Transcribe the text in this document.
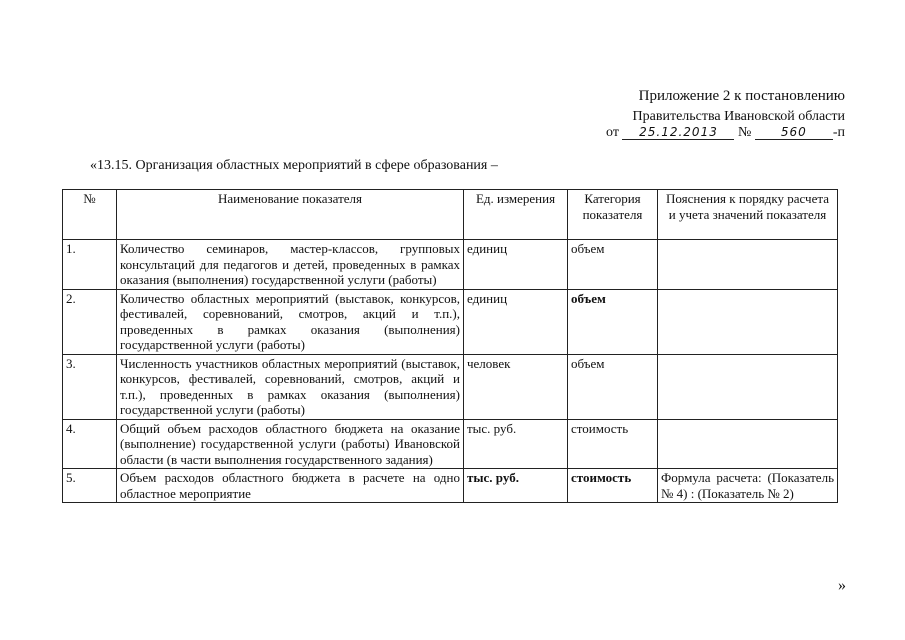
Приложение 2 к постановлению
Правительства Ивановской области
от 25.12.2013 № 560 -п
«13.15. Организация областных мероприятий в сфере образования –
№	Наименование показателя	Ед. измерения	Категория показателя	Пояснения к порядку расчета и учета значений показателя
1.	Количество семинаров, мастер-классов, групповых консультаций для педагогов и детей, проведенных в рамках оказания (выполнения) государственной услуги (работы)	единиц	объем	
2.	Количество областных мероприятий (выставок, конкурсов, фестивалей, соревнований, смотров, акций и т.п.), проведенных в рамках оказания (выполнения) государственной услуги (работы)	единиц	объем	
3.	Численность участников областных мероприятий (выставок, конкурсов, фестивалей, соревнований, смотров, акций и т.п.), проведенных в рамках оказания (выполнения) государственной услуги (работы)	человек	объем	
4.	Общий объем расходов областного бюджета на оказание (выполнение) государственной услуги (работы) Ивановской области (в части выполнения государственного задания)	тыс. руб.	стоимость	
5.	Объем расходов областного бюджета в расчете на одно областное мероприятие	тыс. руб.	стоимость	Формула расчета: (Показатель № 4) : (Показатель № 2)
»
